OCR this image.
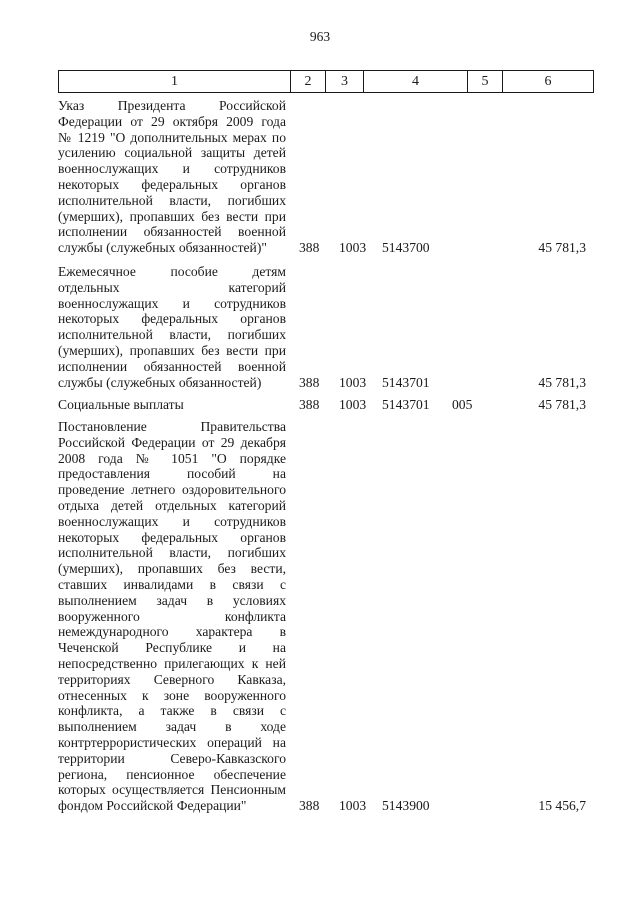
963
1	2	3	4	5	6
Указ Президента Российской
Федерации от 29 октября 2009 года
№ 1219 "О дополнительных мерах по
усилению социальной защиты детей
военнослужащих и сотрудников
некоторых федеральных органов
исполнительной власти, погибших
(умерших), пропавших без вести при
исполнении обязанностей военной
службы (служебных обязанностей)"	388 1003 5143700	45 781,3
Ежемесячное пособие детям
отдельных категорий
военнослужащих и сотрудников
некоторых федеральных органов
исполнительной власти, погибших
(умерших), пропавших без вести при
исполнении обязанностей военной
службы (служебных обязанностей)	388 1003 5143701	45 781,3
Социальные выплаты	388 1003 5143701 005	45 781,3
Постановление Правительства
Российской Федерации от 29 декабря
2008 года № 1051 "О порядке
предоставления пособий на
проведение летнего оздоровительного
отдыха детей отдельных категорий
военнослужащих и сотрудников
некоторых федеральных органов
исполнительной власти, погибших
(умерших), пропавших без вести,
ставших инвалидами в связи с
выполнением задач в условиях
вооруженного конфликта
немеждународного характера в
Чеченской Республике и на
непосредственно прилегающих к ней
территориях Северного Кавказа,
отнесенных к зоне вооруженного
конфликта, а также в связи с
выполнением задач в ходе
контртеррористических операций на
территории Северо-Кавказского
региона, пенсионное обеспечение
которых осуществляется Пенсионным
фондом Российской Федерации"	388 1003 5143900	15 456,7
